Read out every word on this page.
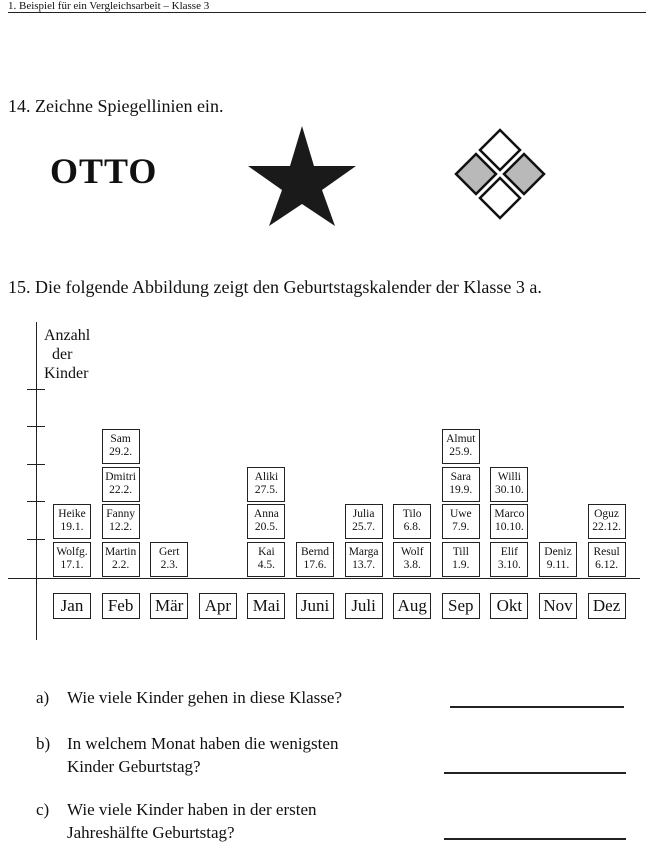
1. Beispiel für ein Vergleichsarbeit – Klasse 3
14. Zeichne Spiegellinien ein.
OTTO
15. Die folgende Abbildung zeigt den Geburtstagskalender der Klasse 3 a.
Anzahl
der
Kinder
Jan
Wolfg.
17.1.
Heike
19.1.
Feb
Martin
2.2.
Fanny
12.2.
Dmitri
22.2.
Sam
29.2.
Mär
Gert
2.3.
Apr	Mai
Kai
4.5.
Anna
20.5.
Aliki
27.5.
Juni
Bernd
17.6.
Juli
Marga
13.7.
Julia
25.7.
Aug
Wolf
3.8.
Tilo
6.8.
Sep
Till
1.9.
Uwe
7.9.
Sara
19.9.
Almut
25.9.
Okt
Elif
3.10.
Marco
10.10.
Willi
30.10.
Nov
Deniz
9.11.
Dez
Resul
6.12.
Oguz
22.12.
a) Wie viele Kinder gehen in diese Klasse?
b) In welchem Monat haben die wenigsten
Kinder Geburtstag?
c) Wie viele Kinder haben in der ersten
Jahreshälfte Geburtstag?
